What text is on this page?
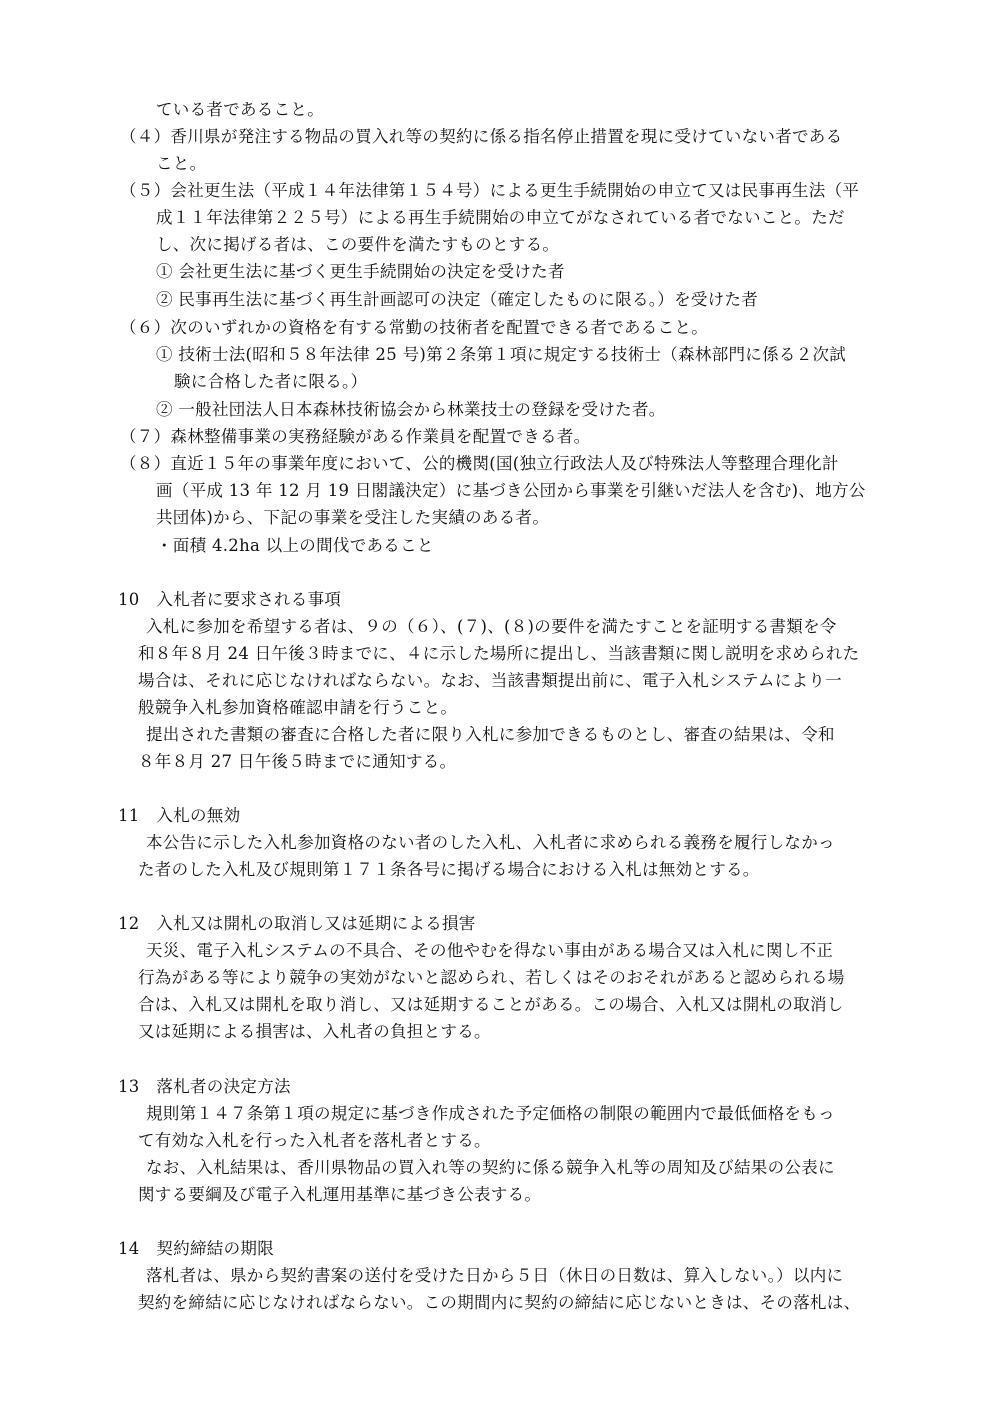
ている者であること。
（４）香川県が発注する物品の買入れ等の契約に係る指名停止措置を現に受けていない者である
こと。
（５）会社更生法（平成１４年法律第１５４号）による更生手続開始の申立て又は民事再生法（平
成１１年法律第２２５号）による再生手続開始の申立てがなされている者でないこと。ただ
し、次に掲げる者は、この要件を満たすものとする。
① 会社更生法に基づく更生手続開始の決定を受けた者
② 民事再生法に基づく再生計画認可の決定（確定したものに限る。）を受けた者
（６）次のいずれかの資格を有する常勤の技術者を配置できる者であること。
① 技術士法(昭和５８年法律 25 号)第２条第１項に規定する技術士（森林部門に係る２次試
験に合格した者に限る。）
② 一般社団法人日本森林技術協会から林業技士の登録を受けた者。
（７）森林整備事業の実務経験がある作業員を配置できる者。
（８）直近１５年の事業年度において、公的機関(国(独立行政法人及び特殊法人等整理合理化計
画（平成 13 年 12 月 19 日閣議決定）に基づき公団から事業を引継いだ法人を含む)、地方公
共団体)から、下記の事業を受注した実績のある者。
・面積 4.2ha 以上の間伐であること
10　入札者に要求される事項
入札に参加を希望する者は、９の（６）、(７)、(８)の要件を満たすことを証明する書類を令
和８年８月 24 日午後３時までに、４に示した場所に提出し、当該書類に関し説明を求められた
場合は、それに応じなければならない。なお、当該書類提出前に、電子入札システムにより一
般競争入札参加資格確認申請を行うこと。
提出された書類の審査に合格した者に限り入札に参加できるものとし、審査の結果は、令和
８年８月 27 日午後５時までに通知する。
11　入札の無効
本公告に示した入札参加資格のない者のした入札、入札者に求められる義務を履行しなかっ
た者のした入札及び規則第１７１条各号に掲げる場合における入札は無効とする。
12　入札又は開札の取消し又は延期による損害
天災、電子入札システムの不具合、その他やむを得ない事由がある場合又は入札に関し不正
行為がある等により競争の実効がないと認められ、若しくはそのおそれがあると認められる場
合は、入札又は開札を取り消し、又は延期することがある。この場合、入札又は開札の取消し
又は延期による損害は、入札者の負担とする。
13　落札者の決定方法
規則第１４７条第１項の規定に基づき作成された予定価格の制限の範囲内で最低価格をもっ
て有効な入札を行った入札者を落札者とする。
なお、入札結果は、香川県物品の買入れ等の契約に係る競争入札等の周知及び結果の公表に
関する要綱及び電子入札運用基準に基づき公表する。
14　契約締結の期限
落札者は、県から契約書案の送付を受けた日から５日（休日の日数は、算入しない。）以内に
契約を締結に応じなければならない。この期間内に契約の締結に応じないときは、その落札は、
